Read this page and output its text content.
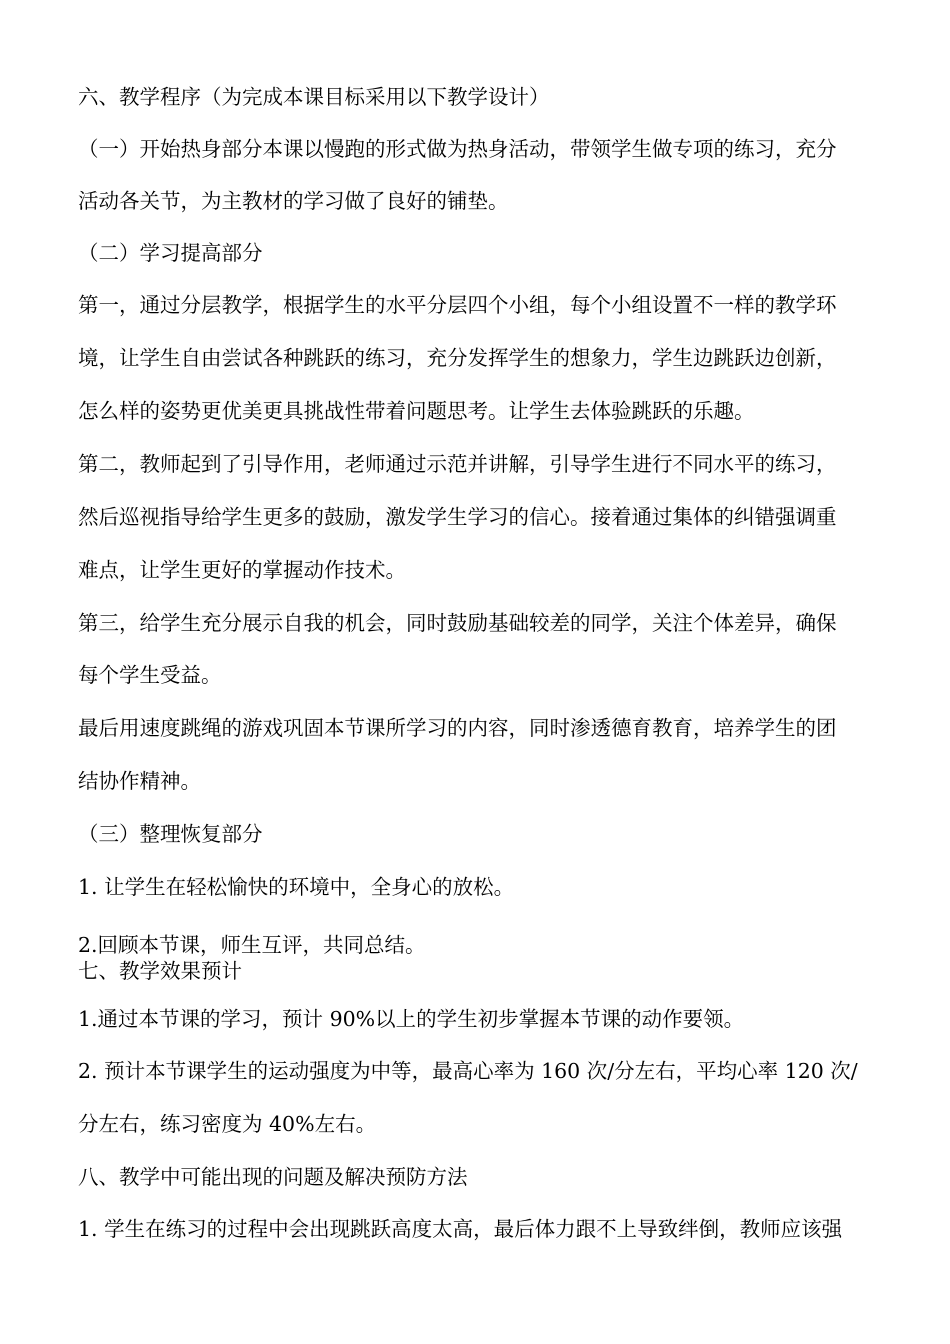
六、教学程序（为完成本课目标采用以下教学设计）

（一）开始热身部分本课以慢跑的形式做为热身活动，带领学生做专项的练习，充分

活动各关节，为主教材的学习做了良好的铺垫。

（二）学习提高部分

第一，通过分层教学，根据学生的水平分层四个小组，每个小组设置不一样的教学环

境，让学生自由尝试各种跳跃的练习，充分发挥学生的想象力，学生边跳跃边创新，

怎么样的姿势更优美更具挑战性带着问题思考。让学生去体验跳跃的乐趣。

第二，教师起到了引导作用，老师通过示范并讲解，引导学生进行不同水平的练习，

然后巡视指导给学生更多的鼓励，激发学生学习的信心。接着通过集体的纠错强调重

难点，让学生更好的掌握动作技术。

第三，给学生充分展示自我的机会，同时鼓励基础较差的同学，关注个体差异，确保

每个学生受益。

最后用速度跳绳的游戏巩固本节课所学习的内容，同时渗透德育教育，培养学生的团

结协作精神。

（三）整理恢复部分

1. 让学生在轻松愉快的环境中，全身心的放松。

2.回顾本节课，师生互评，共同总结。

七、教学效果预计

1.通过本节课的学习，预计 90%以上的学生初步掌握本节课的动作要领。

2. 预计本节课学生的运动强度为中等，最高心率为 160 次/分左右，平均心率 120 次/

分左右，练习密度为 40%左右。

八、教学中可能出现的问题及解决预防方法

1. 学生在练习的过程中会出现跳跃高度太高，最后体力跟不上导致绊倒，教师应该强
